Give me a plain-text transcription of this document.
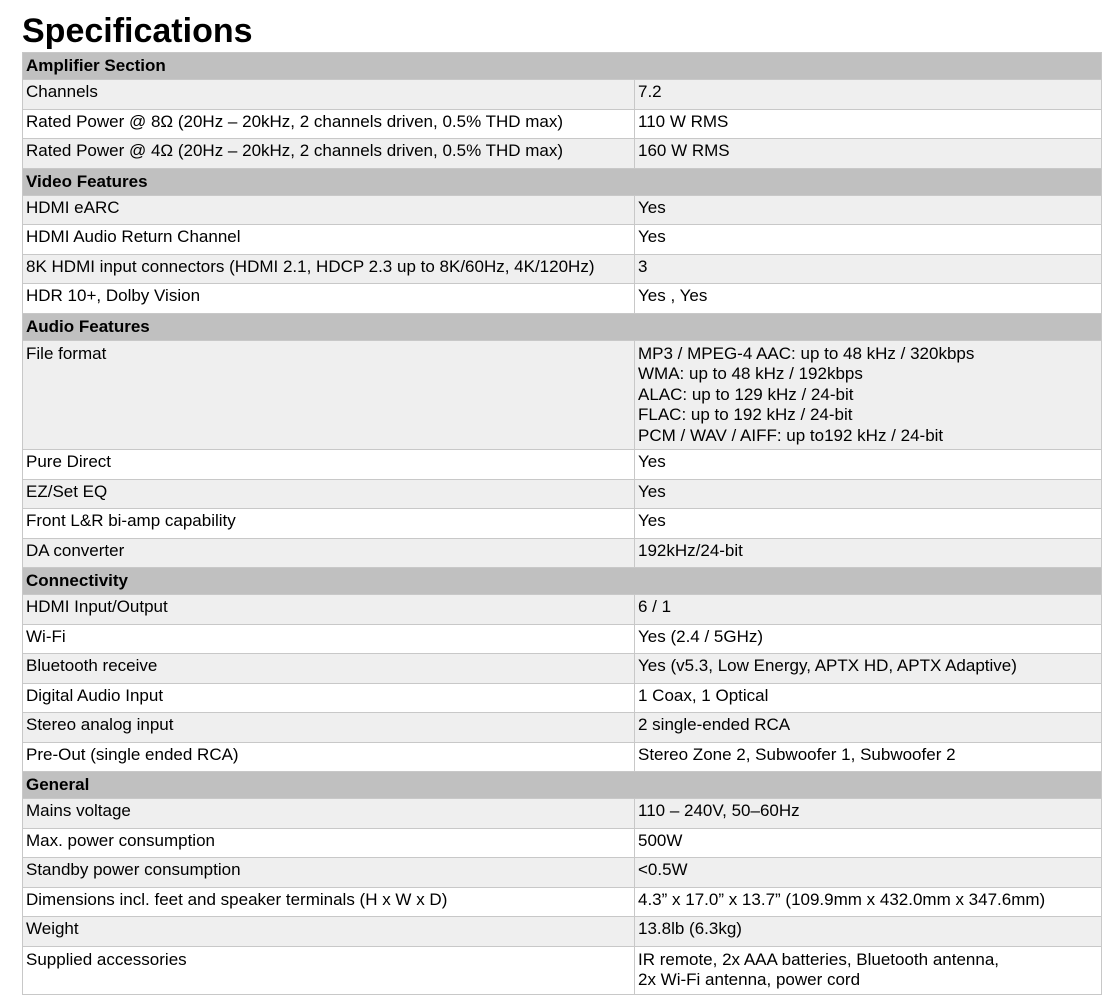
Specifications
Amplifier Section	
Channels	7.2

Rated Power @ 8Ω (20Hz – 20kHz, 2 channels driven, 0.5% THD max)	110 W RMS

Rated Power @ 4Ω (20Hz – 20kHz, 2 channels driven, 0.5% THD max)	160 W RMS

Video Features	
HDMI eARC	Yes

HDMI Audio Return Channel	Yes

8K HDMI input connectors (HDMI 2.1, HDCP 2.3 up to 8K/60Hz, 4K/120Hz)	3

HDR 10+, Dolby Vision	Yes , Yes

Audio Features	
File format	MP3 / MPEG-4 AAC: up to 48 kHz / 320kbps
WMA: up to 48 kHz / 192kbps
ALAC: up to 129 kHz / 24-bit
FLAC: up to 192 kHz / 24-bit
PCM / WAV / AIFF: up to192 kHz / 24-bit

Pure Direct	Yes

EZ/Set EQ	Yes

Front L&R bi-amp capability	Yes

DA converter	192kHz/24-bit

Connectivity	
HDMI Input/Output	6 / 1

Wi-Fi	Yes (2.4 / 5GHz)

Bluetooth receive	Yes (v5.3, Low Energy, APTX HD, APTX Adaptive)

Digital Audio Input	1 Coax, 1 Optical

Stereo analog input	2 single-ended RCA

Pre-Out (single ended RCA)	Stereo Zone 2, Subwoofer 1, Subwoofer 2

General	
Mains voltage	110 – 240V, 50–60Hz

Max. power consumption	500W

Standby power consumption	<0.5W

Dimensions incl. feet and speaker terminals (H x W x D)	4.3” x 17.0” x 13.7” (109.9mm x 432.0mm x 347.6mm)

Weight	13.8lb (6.3kg)

Supplied accessories	IR remote, 2x AAA batteries, Bluetooth antenna,
2x Wi-Fi antenna, power cord
